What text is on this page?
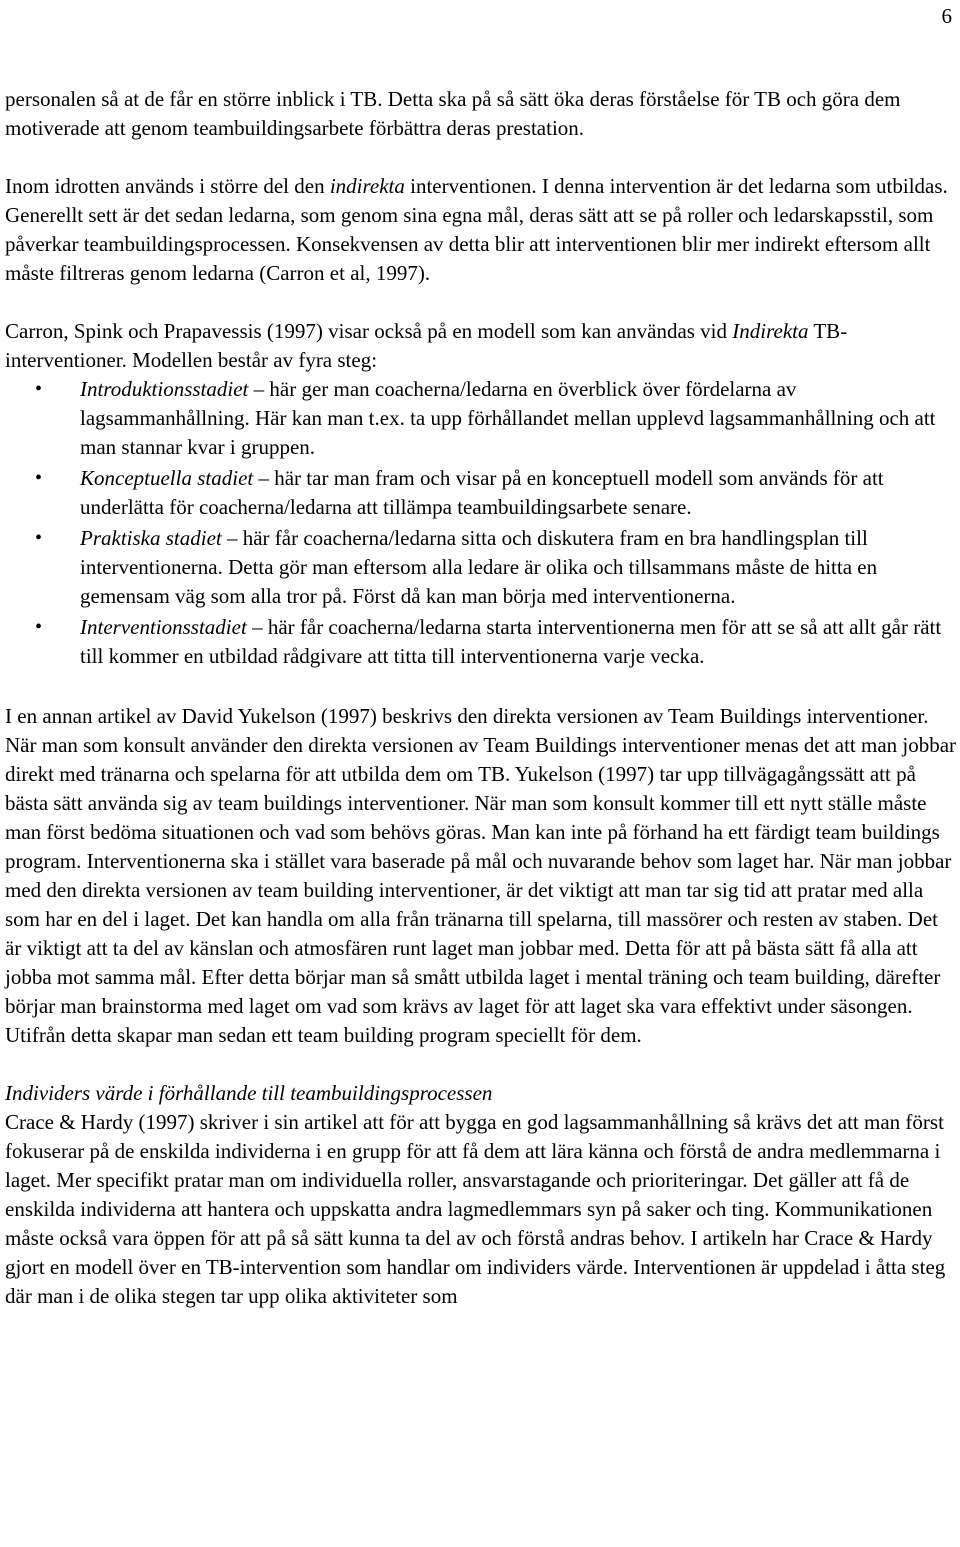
6

personalen så at de får en större inblick i TB. Detta ska på så sätt öka deras förståelse för TB och göra dem motiverade att genom teambuildingsarbete förbättra deras prestation.

Inom idrotten används i större del den indirekta interventionen. I denna intervention är det ledarna som utbildas. Generellt sett är det sedan ledarna, som genom sina egna mål, deras sätt att se på roller och ledarskapsstil, som påverkar teambuildingsprocessen. Konsekvensen av detta blir att interventionen blir mer indirekt eftersom allt måste filtreras genom ledarna (Carron et al, 1997).

Carron, Spink och Prapavessis (1997) visar också på en modell som kan användas vid Indirekta TB-interventioner. Modellen består av fyra steg:

• Introduktionsstadiet – här ger man coacherna/ledarna en överblick över fördelarna av lagsammanhållning. Här kan man t.ex. ta upp förhållandet mellan upplevd lagsammanhållning och att man stannar kvar i gruppen.
• Konceptuella stadiet – här tar man fram och visar på en konceptuell modell som används för att underlätta för coacherna/ledarna att tillämpa teambuildingsarbete senare.
• Praktiska stadiet – här får coacherna/ledarna sitta och diskutera fram en bra handlingsplan till interventionerna. Detta gör man eftersom alla ledare är olika och tillsammans måste de hitta en gemensam väg som alla tror på. Först då kan man börja med interventionerna.
• Interventionsstadiet – här får coacherna/ledarna starta interventionerna men för att se så att allt går rätt till kommer en utbildad rådgivare att titta till interventionerna varje vecka.

I en annan artikel av David Yukelson (1997) beskrivs den direkta versionen av Team Buildings interventioner. När man som konsult använder den direkta versionen av Team Buildings interventioner menas det att man jobbar direkt med tränarna och spelarna för att utbilda dem om TB. Yukelson (1997) tar upp tillvägagångssätt att på bästa sätt använda sig av team buildings interventioner. När man som konsult kommer till ett nytt ställe måste man först bedöma situationen och vad som behövs göras. Man kan inte på förhand ha ett färdigt team buildings program. Interventionerna ska i stället vara baserade på mål och nuvarande behov som laget har. När man jobbar med den direkta versionen av team building interventioner, är det viktigt att man tar sig tid att pratar med alla som har en del i laget. Det kan handla om alla från tränarna till spelarna, till massörer och resten av staben. Det är viktigt att ta del av känslan och atmosfären runt laget man jobbar med. Detta för att på bästa sätt få alla att jobba mot samma mål. Efter detta börjar man så smått utbilda laget i mental träning och team building, därefter börjar man brainstorma med laget om vad som krävs av laget för att laget ska vara effektivt under säsongen. Utifrån detta skapar man sedan ett team building program speciellt för dem.

Individers värde i förhållande till teambuildingsprocessen

Crace & Hardy (1997) skriver i sin artikel att för att bygga en god lagsammanhållning så krävs det att man först fokuserar på de enskilda individerna i en grupp för att få dem att lära känna och förstå de andra medlemmarna i laget. Mer specifikt pratar man om individuella roller, ansvarstagande och prioriteringar. Det gäller att få de enskilda individerna att hantera och uppskatta andra lagmedlemmars syn på saker och ting. Kommunikationen måste också vara öppen för att på så sätt kunna ta del av och förstå andras behov. I artikeln har Crace & Hardy gjort en modell över en TB-intervention som handlar om individers värde. Interventionen är uppdelad i åtta steg där man i de olika stegen tar upp olika aktiviteter som
